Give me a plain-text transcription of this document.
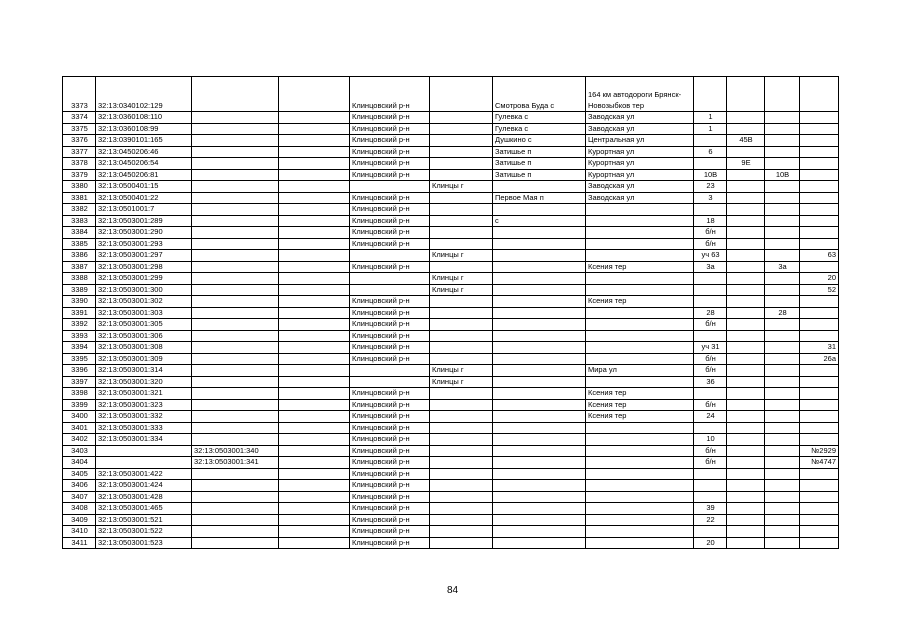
3373	32:13:0340102:129			Клинцовский р-н		Смотрова Буда с	164 км автодороги Брянск-Новозыбков тер				
3374	32:13:0360108:110			Клинцовский р-н		Гулевка с	Заводская ул	1			
3375	32:13:0360108:99			Клинцовский р-н		Гулевка с	Заводская ул	1			
3376	32:13:0390101:165			Клинцовский р-н		Душкино с	Центральная ул		45В		
3377	32:13:0450206:46			Клинцовский р-н		Затишье п	Курортная ул	6			
3378	32:13:0450206:54			Клинцовский р-н		Затишье п	Курортная ул		9Е		
3379	32:13:0450206:81			Клинцовский р-н		Затишье п	Курортная ул	10В		10В	
3380	32:13:0500401:15				Клинцы г		Заводская ул	23			
3381	32:13:0500401:22			Клинцовский р-н		Первое Мая п	Заводская ул	3			
3382	32:13:0501001:7			Клинцовский р-н							
3383	32:13:0503001:289			Клинцовский р-н		с		18			
3384	32:13:0503001:290			Клинцовский р-н				б/н			
3385	32:13:0503001:293			Клинцовский р-н				б/н			
3386	32:13:0503001:297				Клинцы г			уч 63			63
3387	32:13:0503001:298			Клинцовский р-н			Ксения тер	3а		3а	
3388	32:13:0503001:299				Клинцы г						20
3389	32:13:0503001:300				Клинцы г						52
3390	32:13:0503001:302			Клинцовский р-н			Ксения тер				
3391	32:13:0503001:303			Клинцовский р-н				28		28	
3392	32:13:0503001:305			Клинцовский р-н				б/н			
3393	32:13:0503001:306			Клинцовский р-н							
3394	32:13:0503001:308			Клинцовский р-н				уч 31			31
3395	32:13:0503001:309			Клинцовский р-н				б/н			26а
3396	32:13:0503001:314				Клинцы г		Мира ул	б/н			
3397	32:13:0503001:320				Клинцы г			36			
3398	32:13:0503001:321			Клинцовский р-н			Ксения тер				
3399	32:13:0503001:323			Клинцовский р-н			Ксения тер	б/н			
3400	32:13:0503001:332			Клинцовский р-н			Ксения тер	24			
3401	32:13:0503001:333			Клинцовский р-н							
3402	32:13:0503001:334			Клинцовский р-н				10			
3403		32:13:0503001:340		Клинцовский р-н				б/н			№2929
3404		32:13:0503001:341		Клинцовский р-н				б/н			№4747
3405	32:13:0503001:422			Клинцовский р-н							
3406	32:13:0503001:424			Клинцовский р-н							
3407	32:13:0503001:428			Клинцовский р-н							
3408	32:13:0503001:465			Клинцовский р-н				39			
3409	32:13:0503001:521			Клинцовский р-н				22			
3410	32:13:0503001:522			Клинцовский р-н							
3411	32:13:0503001:523			Клинцовский р-н				20			
84
